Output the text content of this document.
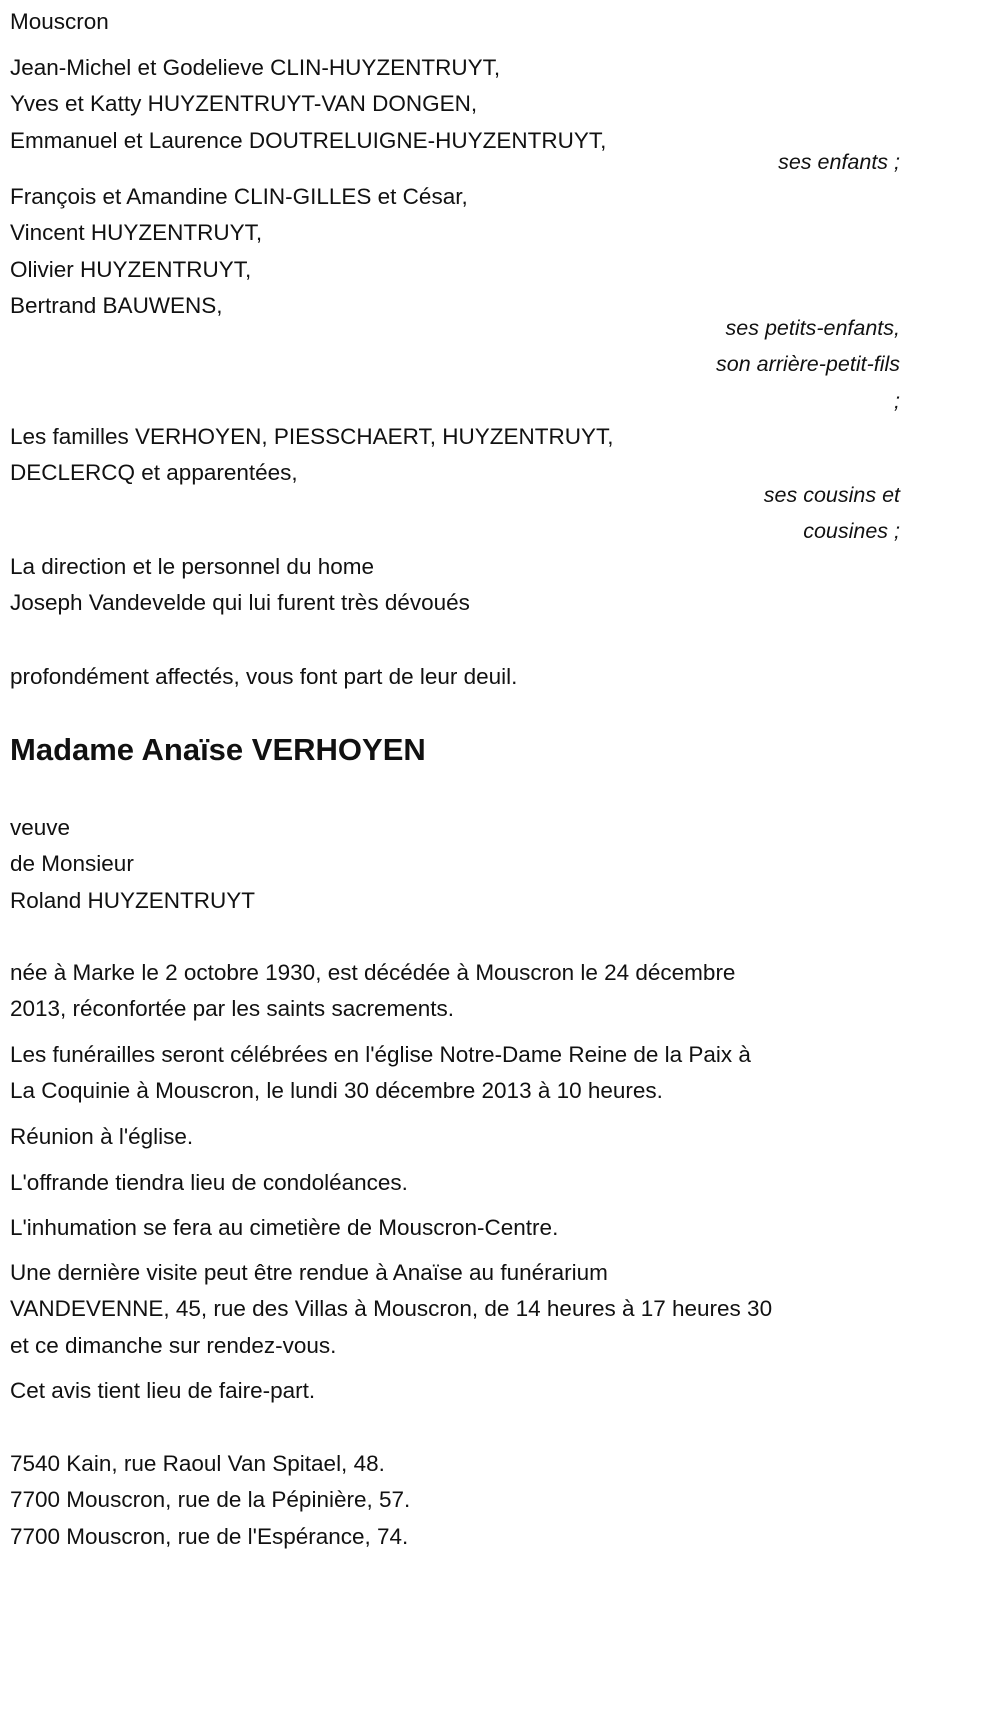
Mouscron
Jean-Michel et Godelieve CLIN-HUYZENTRUYT,
Yves et Katty HUYZENTRUYT-VAN DONGEN,
Emmanuel et Laurence DOUTRELUIGNE-HUYZENTRUYT,
ses enfants ;
François et Amandine CLIN-GILLES et César,
Vincent HUYZENTRUYT,
Olivier HUYZENTRUYT,
Bertrand BAUWENS,
ses petits-enfants,
son arrière-petit-fils
;
Les familles VERHOYEN, PIESSCHAERT, HUYZENTRUYT,
DECLERCQ et apparentées,
ses cousins et
cousines ;
La direction et le personnel du home
Joseph Vandevelde qui lui furent très dévoués
profondément affectés, vous font part de leur deuil.
Madame Anaïse VERHOYEN
veuve
de Monsieur
Roland HUYZENTRUYT
née à Marke le 2 octobre 1930, est décédée à Mouscron le 24 décembre
2013, réconfortée par les saints sacrements.
Les funérailles seront célébrées en l'église Notre-Dame Reine de la Paix à
La Coquinie à Mouscron, le lundi 30 décembre 2013 à 10 heures.
Réunion à l'église.
L'offrande tiendra lieu de condoléances.
L'inhumation se fera au cimetière de Mouscron-Centre.
Une dernière visite peut être rendue à Anaïse au funérarium
VANDEVENNE, 45, rue des Villas à Mouscron, de 14 heures à 17 heures 30
et ce dimanche sur rendez-vous.
Cet avis tient lieu de faire-part.
7540 Kain, rue Raoul Van Spitael, 48.
7700 Mouscron, rue de la Pépinière, 57.
7700 Mouscron, rue de l'Espérance, 74.
